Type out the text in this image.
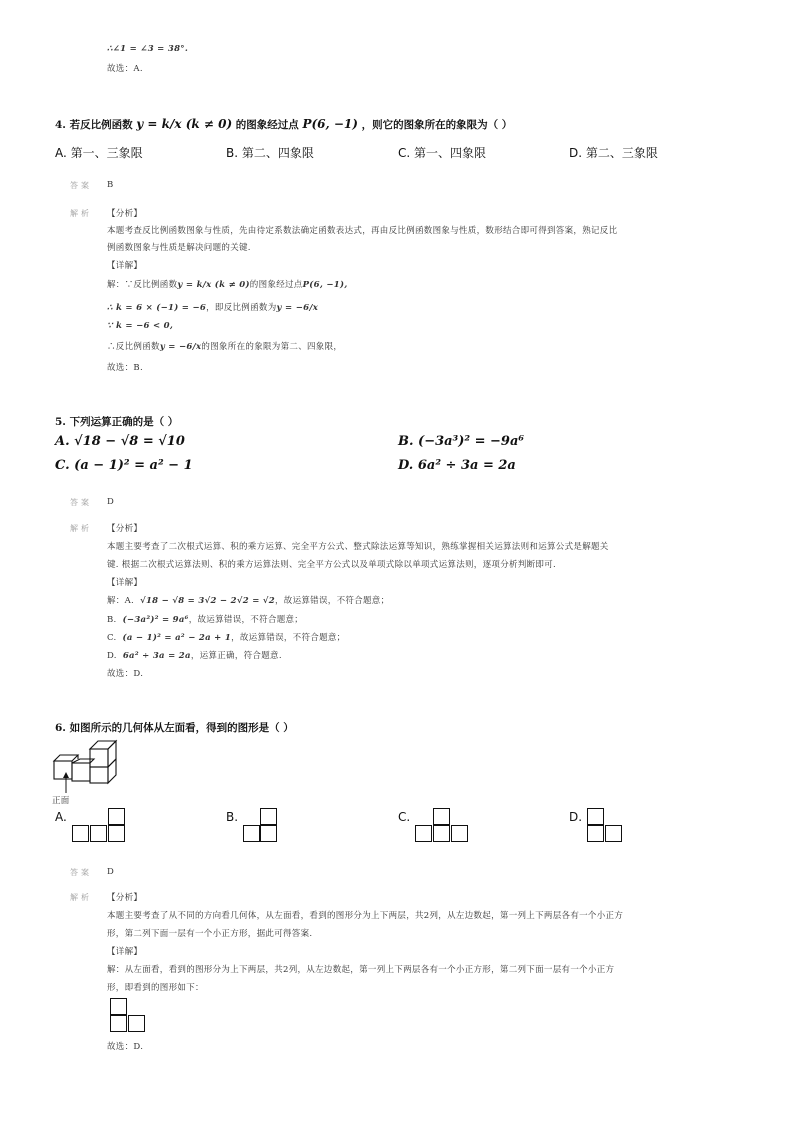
∴∠1 = ∠3 = 38°.
故选：A.
4. 若反比例函数 y = k/x (k ≠ 0) 的图象经过点 P(6, −1) ，则它的图象所在的象限为（ ）
A. 第一、三象限	B. 第二、四象限	C. 第一、四象限	D. 第二、三象限
答案 B
解析 【分析】
本题考查反比例函数图象与性质，先由待定系数法确定函数表达式，再由反比例函数图象与性质，数形结合即可得到答案，熟记反比
例函数图象与性质是解决问题的关键.
【详解】
解：∵反比例函数y = k/x (k ≠ 0)的图象经过点P(6, −1),
∴ k = 6 × (−1) = −6，即反比例函数为y = −6/x
∵ k = −6 < 0,
∴反比例函数y = −6/x的图象所在的象限为第二、四象限，
故选：B.
5. 下列运算正确的是（ ）
A. √18 − √8 = √10	B. (−3a³)² = −9a⁶
C. (a − 1)² = a² − 1	D. 6a² ÷ 3a = 2a
答案 D
解析 【分析】
本题主要考查了二次根式运算、积的乘方运算、完全平方公式、整式除法运算等知识，熟练掌握相关运算法则和运算公式是解题关
键. 根据二次根式运算法则、积的乘方运算法则、完全平方公式以及单项式除以单项式运算法则，逐项分析判断即可.
【详解】
解：A. √18 − √8 = 3√2 − 2√2 = √2，故运算错误，不符合题意；
B. (−3a²)² = 9a⁶，故运算错误，不符合题意；
C. (a − 1)² = a² − 2a + 1，故运算错误，不符合题意；
D. 6a² ÷ 3a = 2a，运算正确，符合题意.
故选：D.
6. 如图所示的几何体从左面看，得到的图形是（ ）
正面
A.	B.	C.	D.
答案 D
解析 【分析】
本题主要考查了从不同的方向看几何体，从左面看，看到的图形分为上下两层，共2列，从左边数起，第一列上下两层各有一个小正方
形，第二列下面一层有一个小正方形，据此可得答案.
【详解】
解：从左面看，看到的图形分为上下两层，共2列，从左边数起，第一列上下两层各有一个小正方形，第二列下面一层有一个小正方
形，即看到的图形如下：
故选：D.
